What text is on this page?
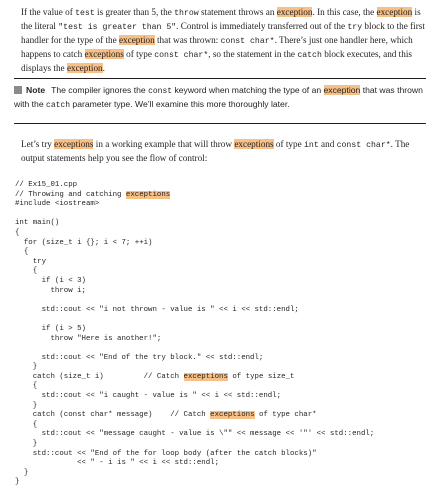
If the value of test is greater than 5, the throw statement throws an exception. In this case, the exception is the literal "test is greater than 5". Control is immediately transferred out of the try block to the first handler for the type of the exception that was thrown: const char*. There’s just one handler here, which happens to catch exceptions of type const char*, so the statement in the catch block executes, and this displays the exception.

Note The compiler ignores the const keyword when matching the type of an exception that was thrown with the catch parameter type. We’ll examine this more thoroughly later.

Let’s try exceptions in a working example that will throw exceptions of type int and const char*. The output statements help you see the flow of control:

// Ex15_01.cpp
// Throwing and catching exceptions
#include <iostream>

int main()
{
for (size_t i {}; i < 7; ++i)
{
try
{
if (i < 3)
throw i;

std::cout << "i not thrown - value is " << i << std::endl;

if (i > 5)
throw "Here is another!";

std::cout << "End of the try block." << std::endl;
}
catch (size_t i)         // Catch exceptions of type size_t
{
std::cout << "i caught - value is " << i << std::endl;
}
catch (const char* message)    // Catch exceptions of type char*
{
std::cout << "message caught - value is \"" << message << '"' << std::endl;
}
std::cout << "End of the for loop body (after the catch blocks)"
<< " - i is " << i << std::endl;
}
}
